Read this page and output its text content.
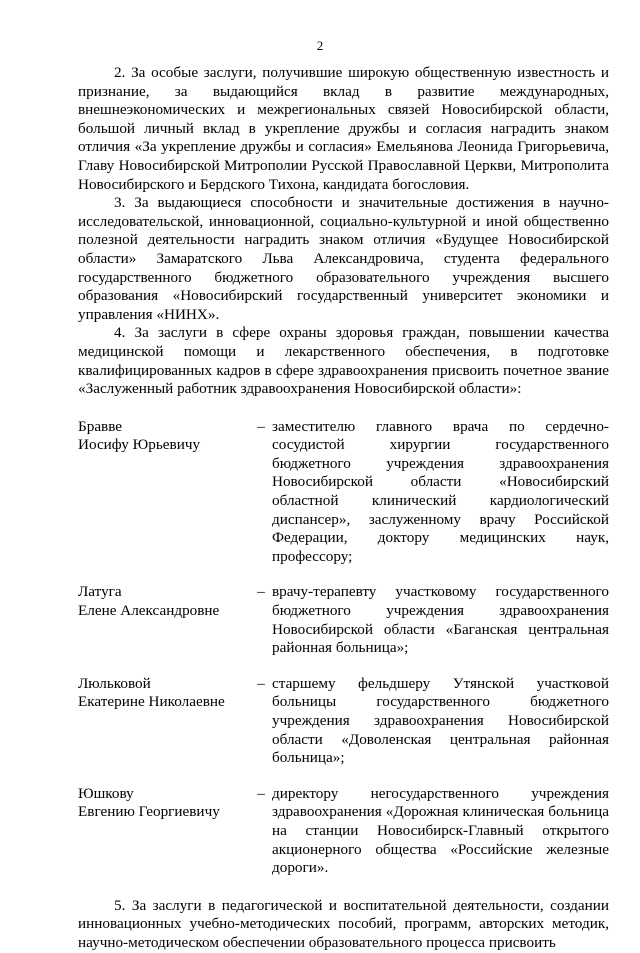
2

2. За особые заслуги, получившие широкую общественную известность и признание, за выдающийся вклад в развитие международных, внешнеэкономических и межрегиональных связей Новосибирской области, большой личный вклад в укрепление дружбы и согласия наградить знаком отличия «За укрепление дружбы и согласия» Емельянова Леонида Григорьевича, Главу Новосибирской Митрополии Русской Православной Церкви, Митрополита Новосибирского и Бердского Тихона, кандидата богословия.

3. За выдающиеся способности и значительные достижения в научно-исследовательской, инновационной, социально-культурной и иной общественно полезной деятельности наградить знаком отличия «Будущее Новосибирской области» Замаратского Льва Александровича, студента федерального государственного бюджетного образовательного учреждения высшего образования «Новосибирский государственный университет экономики и управления «НИНХ».

4. За заслуги в сфере охраны здоровья граждан, повышении качества медицинской помощи и лекарственного обеспечения, в подготовке квалифицированных кадров в сфере здравоохранения присвоить почетное звание «Заслуженный работник здравоохранения Новосибирской области»:

Бравве
Иосифу Юрьевичу	–	заместителю главного врача по сердечно-сосудистой хирургии государственного бюджетного учреждения здравоохранения Новосибирской области «Новосибирский областной клинический кардиологический диспансер», заслуженному врачу Российской Федерации, доктору медицинских наук, профессору;

Латуга
Елене Александровне	–	врачу-терапевту участковому государственного бюджетного учреждения здравоохранения Новосибирской области «Баганская центральная районная больница»;

Люльковой
Екатерине Николаевне	–	старшему фельдшеру Утянской участковой больницы государственного бюджетного учреждения здравоохранения Новосибирской области «Доволенская центральная районная больница»;

Юшкову
Евгению Георгиевичу	–	директору негосударственного учреждения здравоохранения «Дорожная клиническая больница на станции Новосибирск-Главный открытого акционерного общества «Российские железные дороги».

5. За заслуги в педагогической и воспитательной деятельности, создании инновационных учебно-методических пособий, программ, авторских методик, научно-методическом обеспечении образовательного процесса присвоить
